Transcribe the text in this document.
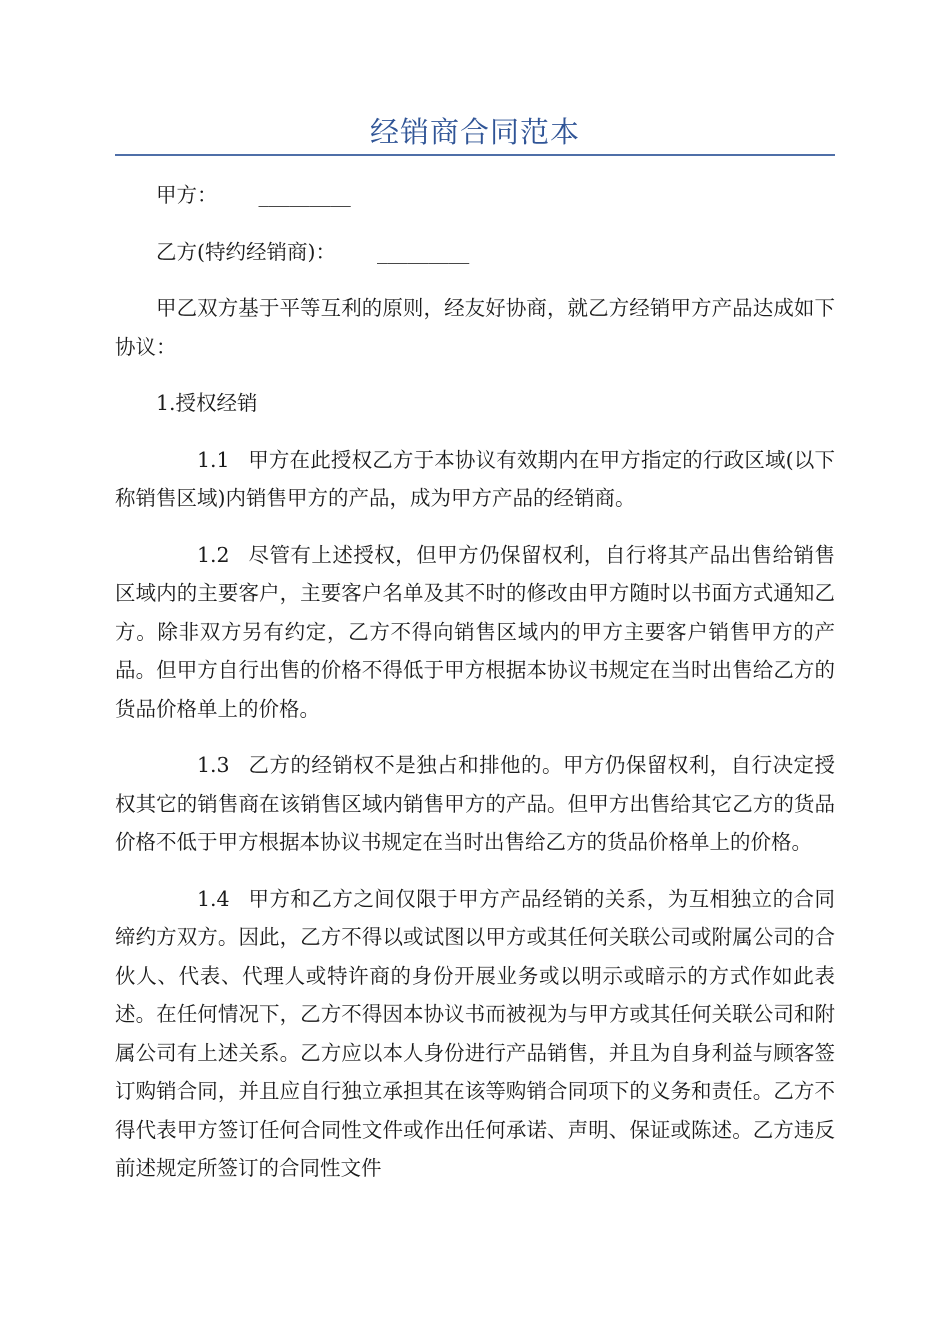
经销商合同范本

甲方： _________

乙方(特约经销商)： _________

甲乙双方基于平等互利的原则，经友好协商，就乙方经销甲方产品达成如下协议：

1.授权经销

1.1 甲方在此授权乙方于本协议有效期内在甲方指定的行政区域(以下称销售区域)内销售甲方的产品，成为甲方产品的经销商。

1.2 尽管有上述授权，但甲方仍保留权利，自行将其产品出售给销售区域内的主要客户，主要客户名单及其不时的修改由甲方随时以书面方式通知乙方。除非双方另有约定，乙方不得向销售区域内的甲方主要客户销售甲方的产品。但甲方自行出售的价格不得低于甲方根据本协议书规定在当时出售给乙方的货品价格单上的价格。

1.3 乙方的经销权不是独占和排他的。甲方仍保留权利，自行决定授权其它的销售商在该销售区域内销售甲方的产品。但甲方出售给其它乙方的货品价格不低于甲方根据本协议书规定在当时出售给乙方的货品价格单上的价格。

1.4 甲方和乙方之间仅限于甲方产品经销的关系，为互相独立的合同缔约方双方。因此，乙方不得以或试图以甲方或其任何关联公司或附属公司的合伙人、代表、代理人或特许商的身份开展业务或以明示或暗示的方式作如此表述。在任何情况下，乙方不得因本协议书而被视为与甲方或其任何关联公司和附属公司有上述关系。乙方应以本人身份进行产品销售，并且为自身利益与顾客签订购销合同，并且应自行独立承担其在该等购销合同项下的义务和责任。乙方不得代表甲方签订任何合同性文件或作出任何承诺、声明、保证或陈述。乙方违反前述规定所签订的合同性文件
